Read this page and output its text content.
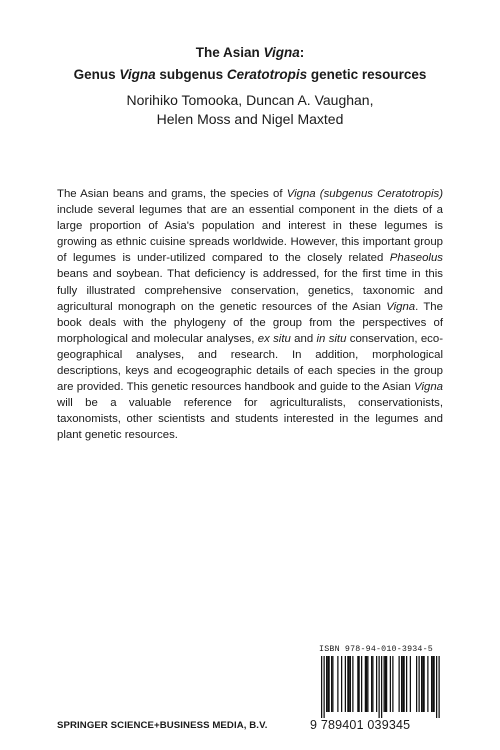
The Asian Vigna:
Genus Vigna subgenus Ceratotropis genetic resources
Norihiko Tomooka, Duncan A. Vaughan,
Helen Moss and Nigel Maxted
The Asian beans and grams, the species of Vigna (subgenus Ceratotropis) include several legumes that are an essential component in the diets of a large proportion of Asia's population and interest in these legumes is growing as ethnic cuisine spreads worldwide. However, this important group of legumes is under-utilized compared to the closely related Phaseolus beans and soybean. That deficiency is addressed, for the first time in this fully illustrated comprehensive conservation, genetics, taxonomic and agricultural monograph on the genetic resources of the Asian Vigna. The book deals with the phylogeny of the group from the perspectives of morphological and molecular analyses, ex situ and in situ conservation, eco-geographical analyses, and research. In addition, morphological descriptions, keys and ecogeographic details of each species in the group are provided. This genetic resources handbook and guide to the Asian Vigna will be a valuable reference for agriculturalists, conservationists, taxonomists, other scientists and students interested in the legumes and plant genetic resources.
ISBN 978-94-010-3934-5
9 789401 039345
SPRINGER SCIENCE+BUSINESS MEDIA, B.V.
